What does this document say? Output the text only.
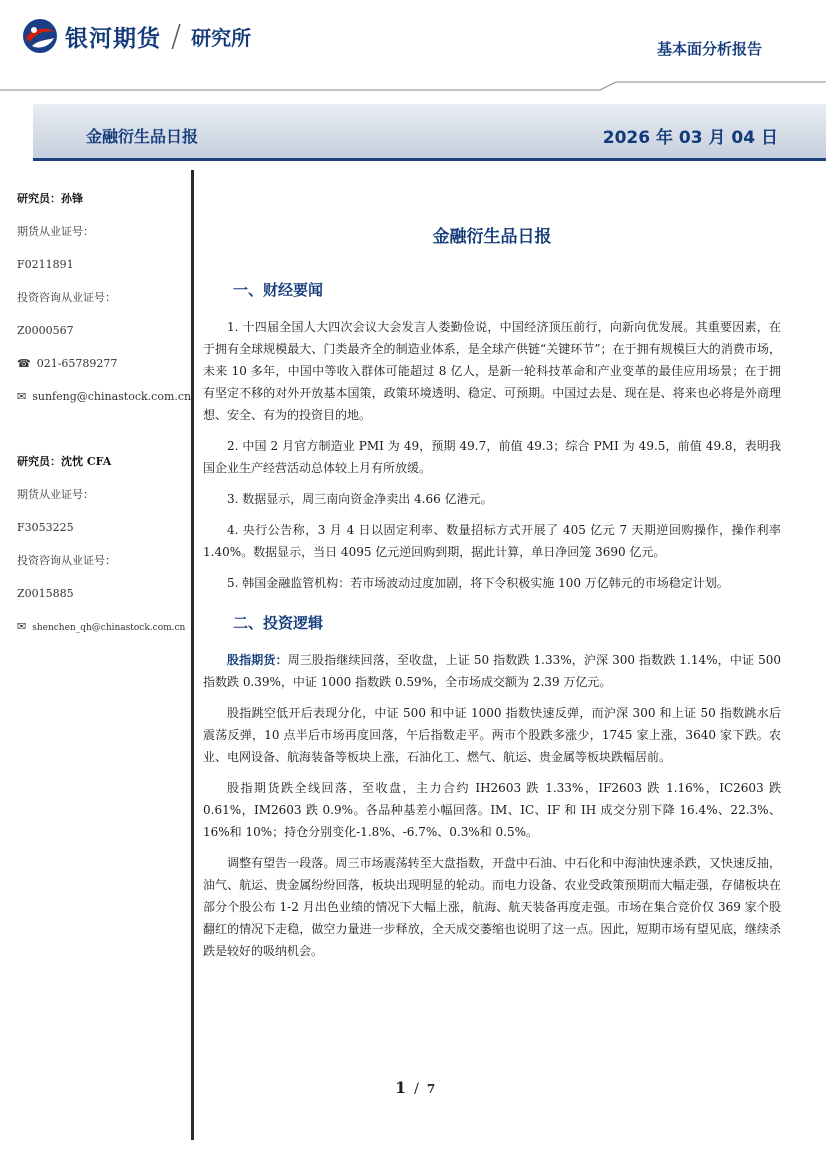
银河期货 / 研究所	基本面分析报告
金融衍生品日报	2026 年 03 月 04 日
研究员：孙锋
期货从业证号：
F0211891
投资咨询从业证号：
Z0000567
☎ 021-65789277
✉ sunfeng@chinastock.com.cn
研究员：沈忱 CFA
期货从业证号：
F3053225
投资咨询从业证号：
Z0015885
✉ shenchen_qh@chinastock.com.cn
金融衍生品日报
一、财经要闻

1. 十四届全国人大四次会议大会发言人娄勤俭说，中国经济顶压前行，向新向优发展。其重要因素，在于拥有全球规模最大、门类最齐全的制造业体系，是全球产供链“关键环节”；在于拥有规模巨大的消费市场，未来 10 多年，中国中等收入群体可能超过 8 亿人，是新一轮科技革命和产业变革的最佳应用场景；在于拥有坚定不移的对外开放基本国策，政策环境透明、稳定、可预期。中国过去是、现在是、将来也必将是外商理想、安全、有为的投资目的地。

2. 中国 2 月官方制造业 PMI 为 49，预期 49.7，前值 49.3；综合 PMI 为 49.5，前值 49.8，表明我国企业生产经营活动总体较上月有所放缓。

3. 数据显示，周三南向资金净卖出 4.66 亿港元。

4. 央行公告称，3 月 4 日以固定利率、数量招标方式开展了 405 亿元 7 天期逆回购操作，操作利率 1.40%。数据显示，当日 4095 亿元逆回购到期，据此计算，单日净回笼 3690 亿元。

5. 韩国金融监管机构：若市场波动过度加剧，将下令积极实施 100 万亿韩元的市场稳定计划。

二、投资逻辑

股指期货：周三股指继续回落，至收盘，上证 50 指数跌 1.33%，沪深 300 指数跌 1.14%，中证 500 指数跌 0.39%，中证 1000 指数跌 0.59%，全市场成交额为 2.39 万亿元。

股指跳空低开后表现分化，中证 500 和中证 1000 指数快速反弹，而沪深 300 和上证 50 指数跳水后震荡反弹，10 点半后市场再度回落，午后指数走平。两市个股跌多涨少，1745 家上涨，3640 家下跌。农业、电网设备、航海装备等板块上涨，石油化工、燃气、航运、贵金属等板块跌幅居前。

股指期货跌全线回落，至收盘，主力合约 IH2603 跌 1.33%，IF2603 跌 1.16%，IC2603 跌 0.61%，IM2603 跌 0.9%。各品种基差小幅回落。IM、IC、IF 和 IH 成交分别下降 16.4%、22.3%、16%和 10%；持仓分别变化-1.8%、-6.7%、0.3%和 0.5%。

调整有望告一段落。周三市场震荡转至大盘指数，开盘中石油、中石化和中海油快速杀跌，又快速反抽，油气、航运、贵金属纷纷回落，板块出现明显的轮动。而电力设备、农业受政策预期而大幅走强，存储板块在部分个股公布 1-2 月出色业绩的情况下大幅上涨，航海、航天装备再度走强。市场在集合竞价仅 369 家个股翻红的情况下走稳，做空力量进一步释放，全天成交萎缩也说明了这一点。因此，短期市场有望见底，继续杀跌是较好的吸纳机会。

1 / 7
